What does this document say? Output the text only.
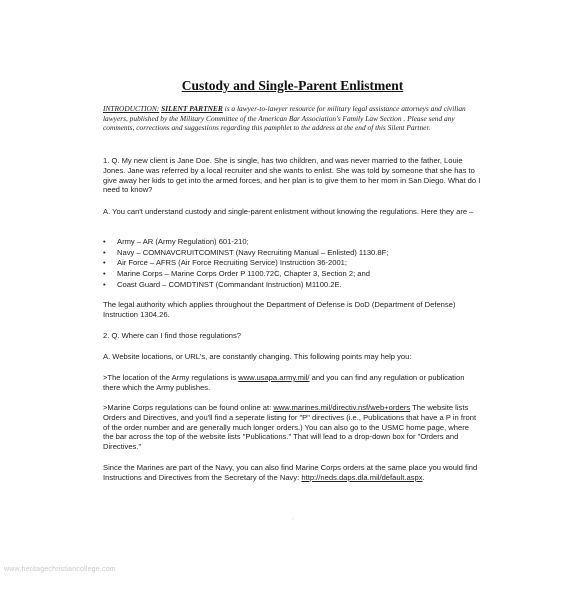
Custody and Single-Parent Enlistment

INTRODUCTION: SILENT PARTNER is a lawyer-to-lawyer resource for military legal assistance attorneys and civilian lawyers, published by the Military Committee of the American Bar Association's Family Law Section . Please send any comments, corrections and suggestions regarding this pamphlet to the address at the end of this Silent Partner.

1. Q. My new client is Jane Doe. She is single, has two children, and was never married to the father, Louie Jones. Jane was referred by a local recruiter and she wants to enlist. She was told by someone that she has to give away her kids to get into the armed forces, and her plan is to give them to her mom in San Diego. What do I need to know?

A. You can't understand custody and single-parent enlistment without knowing the regulations. Here they are –

• Army – AR (Army Regulation) 601-210;
• Navy – COMNAVCRUITCOMINST (Navy Recruiting Manual – Enlisted) 1130.8F;
• Air Force – AFRS (Air Force Recruiting Service) Instruction 36-2001;
• Marine Corps – Marine Corps Order P 1100.72C, Chapter 3, Section 2; and
• Coast Guard – COMDTINST (Commandant Instruction) M1100.2E.

The legal authority which applies throughout the Department of Defense is DoD (Department of Defense) Instruction 1304.26.

2. Q. Where can I find those regulations?

A. Website locations, or URL's, are constantly changing. This following points may help you:

>The location of the Army regulations is www.usapa.army.mil/ and you can find any regulation or publication there which the Army publishes.

>Marine Corps regulations can be found online at: www.marines.mil/directiv.nsf/web+orders The website lists Orders and Directives, and you'll find a seperate listing for "P" directives (i.e., Publications that have a P in front of the order number and are generally much longer orders.) You can also go to the USMC home page, where the bar across the top of the website lists "Publications." That will lead to a drop-down box for "Orders and Directives."

Since the Marines are part of the Navy, you can also find Marine Corps orders at the same place you would find Instructions and Directives from the Secretary of the Navy: http://neds.daps.dla.mil/default.aspx.

.
www.heritagechristiancollege.com
